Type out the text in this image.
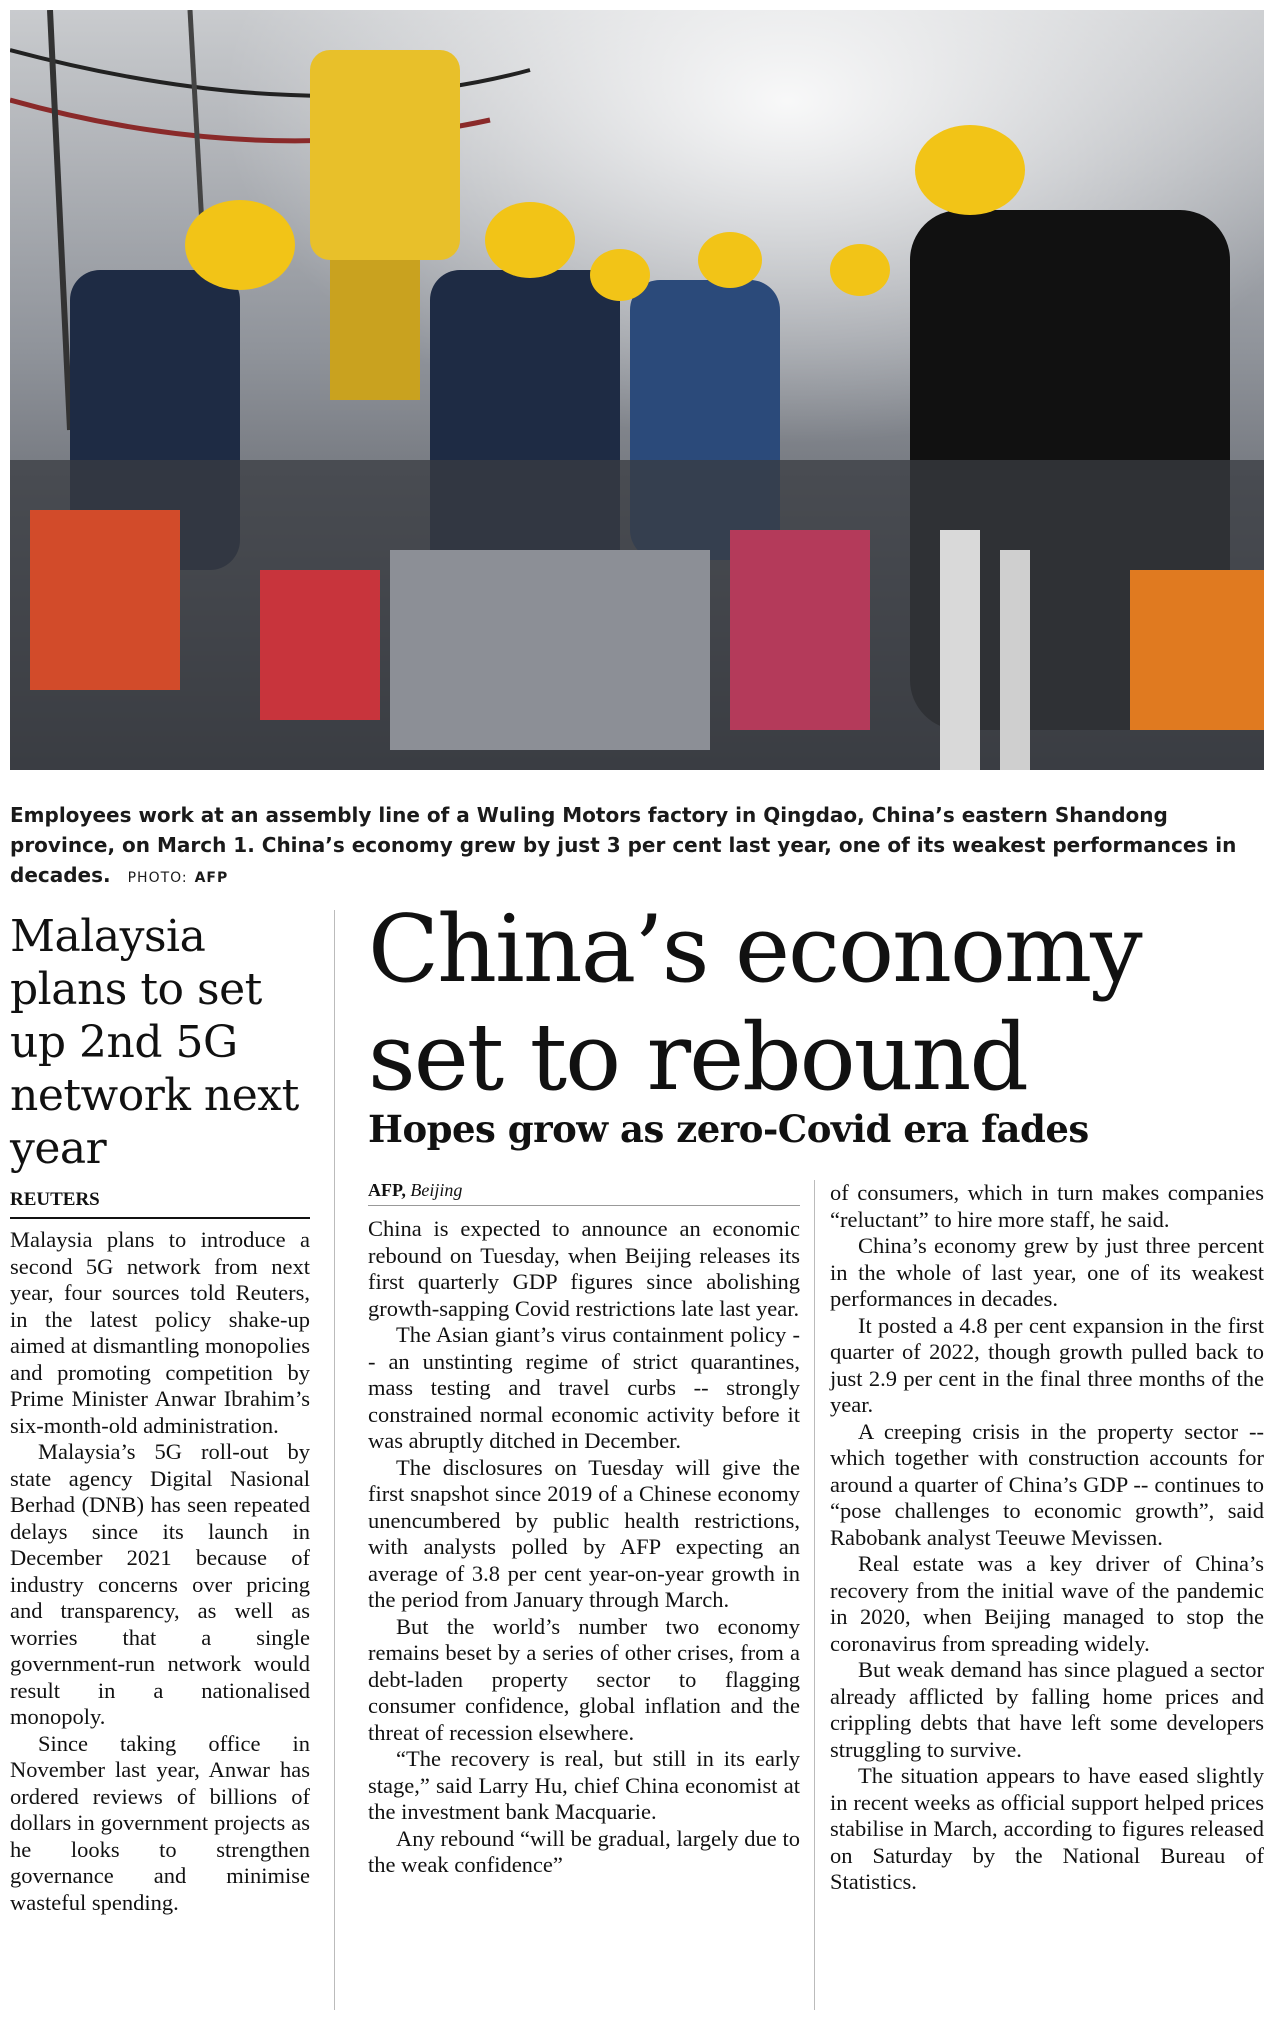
Employees work at an assembly line of a Wuling Motors factory in Qingdao, China’s eastern Shandong province, on March 1. China’s economy grew by just 3 per cent last year, one of its weakest performances in decades. PHOTO: AFP
Malaysia plans to set up 2nd 5G network next year
REUTERS

Malaysia plans to introduce a second 5G network from next year, four sources told Reuters, in the latest policy shake-up aimed at dismantling monopolies and promoting competition by Prime Minister Anwar Ibrahim’s six-month-old administration.

Malaysia’s 5G roll-out by state agency Digital Nasional Berhad (DNB) has seen repeated delays since its launch in December 2021 because of industry concerns over pricing and transparency, as well as worries that a single government-run network would result in a nationalised monopoly.

Since taking office in November last year, Anwar has ordered reviews of billions of dollars in government projects as he looks to strengthen governance and minimise wasteful spending.

China’s economy set to rebound
Hopes grow as zero-Covid era fades
AFP, Beijing

China is expected to announce an economic rebound on Tuesday, when Beijing releases its first quarterly GDP figures since abolishing growth-sapping Covid restrictions late last year.

The Asian giant’s virus containment policy -- an unstinting regime of strict quarantines, mass testing and travel curbs -- strongly constrained normal economic activity before it was abruptly ditched in December.

The disclosures on Tuesday will give the first snapshot since 2019 of a Chinese economy unencumbered by public health restrictions, with analysts polled by AFP expecting an average of 3.8 per cent year-on-year growth in the period from January through March.

But the world’s number two economy remains beset by a series of other crises, from a debt-laden property sector to flagging consumer confidence, global inflation and the threat of recession elsewhere.

“The recovery is real, but still in its early stage,” said Larry Hu, chief China economist at the investment bank Macquarie.

Any rebound “will be gradual, largely due to the weak confidence”

of consumers, which in turn makes companies “reluctant” to hire more staff, he said.

China’s economy grew by just three percent in the whole of last year, one of its weakest performances in decades.

It posted a 4.8 per cent expansion in the first quarter of 2022, though growth pulled back to just 2.9 per cent in the final three months of the year.

A creeping crisis in the property sector -- which together with construction accounts for around a quarter of China’s GDP -- continues to “pose challenges to economic growth”, said Rabobank analyst Teeuwe Mevissen.

Real estate was a key driver of China’s recovery from the initial wave of the pandemic in 2020, when Beijing managed to stop the coronavirus from spreading widely.

But weak demand has since plagued a sector already afflicted by falling home prices and crippling debts that have left some developers struggling to survive.

The situation appears to have eased slightly in recent weeks as official support helped prices stabilise in March, according to figures released on Saturday by the National Bureau of Statistics.
